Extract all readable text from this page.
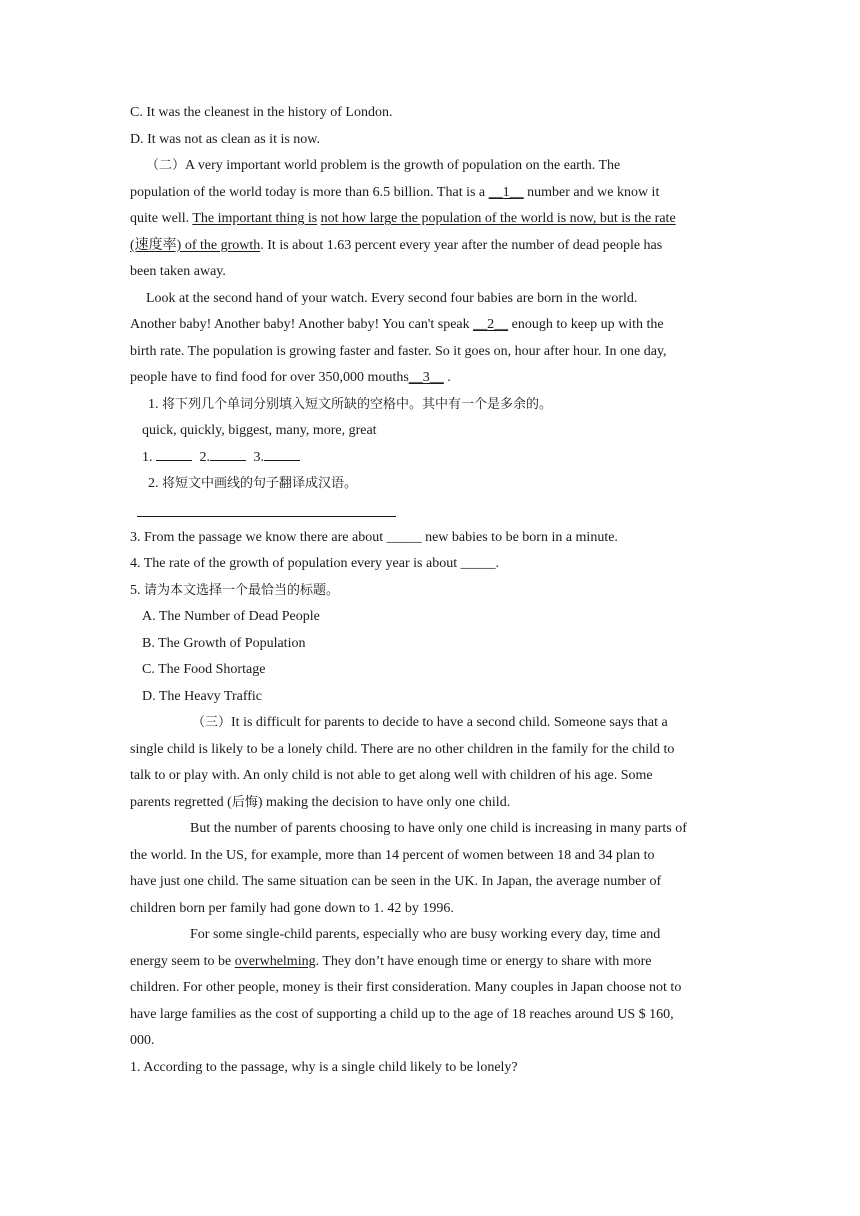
C. It was the cleanest in the history of London.

D. It was not as clean as it is now.

（二）A very important world problem is the growth of population on the earth. The

population of the world today is more than 6.5 billion. That is a __1__ number and we know it

quite well. The important thing is not how large the population of the world is now, but is the rate

(速度率) of the growth. It is about 1.63 percent every year after the number of dead people has

been taken away.

Look at the second hand of your watch. Every second four babies are born in the world.

Another baby! Another baby! Another baby! You can't speak __2__ enough to keep up with the

birth rate. The population is growing faster and faster. So it goes on, hour after hour. In one day,

people have to find food for over 350,000 mouths__3__ .

1. 将下列几个单词分别填入短文所缺的空格中。其中有一个是多余的。

quick, quickly, biggest, many, more, great

1.	2.	3.

2. 将短文中画线的句子翻译成汉语。

3. From the passage we know there are about _____ new babies to be born in a minute.

4. The rate of the growth of population every year is about _____.

5. 请为本文选择一个最恰当的标题。

A. The Number of Dead People

B. The Growth of Population

C. The Food Shortage

D. The Heavy Traffic

（三）It is difficult for parents to decide to have a second child. Someone says that a

single child is likely to be a lonely child. There are no other children in the family for the child to

talk to or play with. An only child is not able to get along well with children of his age. Some

parents regretted (后悔) making the decision to have only one child.

But the number of parents choosing to have only one child is increasing in many parts of

the world. In the US, for example, more than 14 percent of women between 18 and 34 plan to

have just one child. The same situation can be seen in the UK. In Japan, the average number of

children born per family had gone down to 1. 42 by 1996.

For some single-child parents, especially who are busy working every day, time and

energy seem to be overwhelming. They don’t have enough time or energy to share with more

children. For other people, money is their first consideration. Many couples in Japan choose not to

have large families as the cost of supporting a child up to the age of 18 reaches around US $ 160,

000.

1. According to the passage, why is a single child likely to be lonely?
